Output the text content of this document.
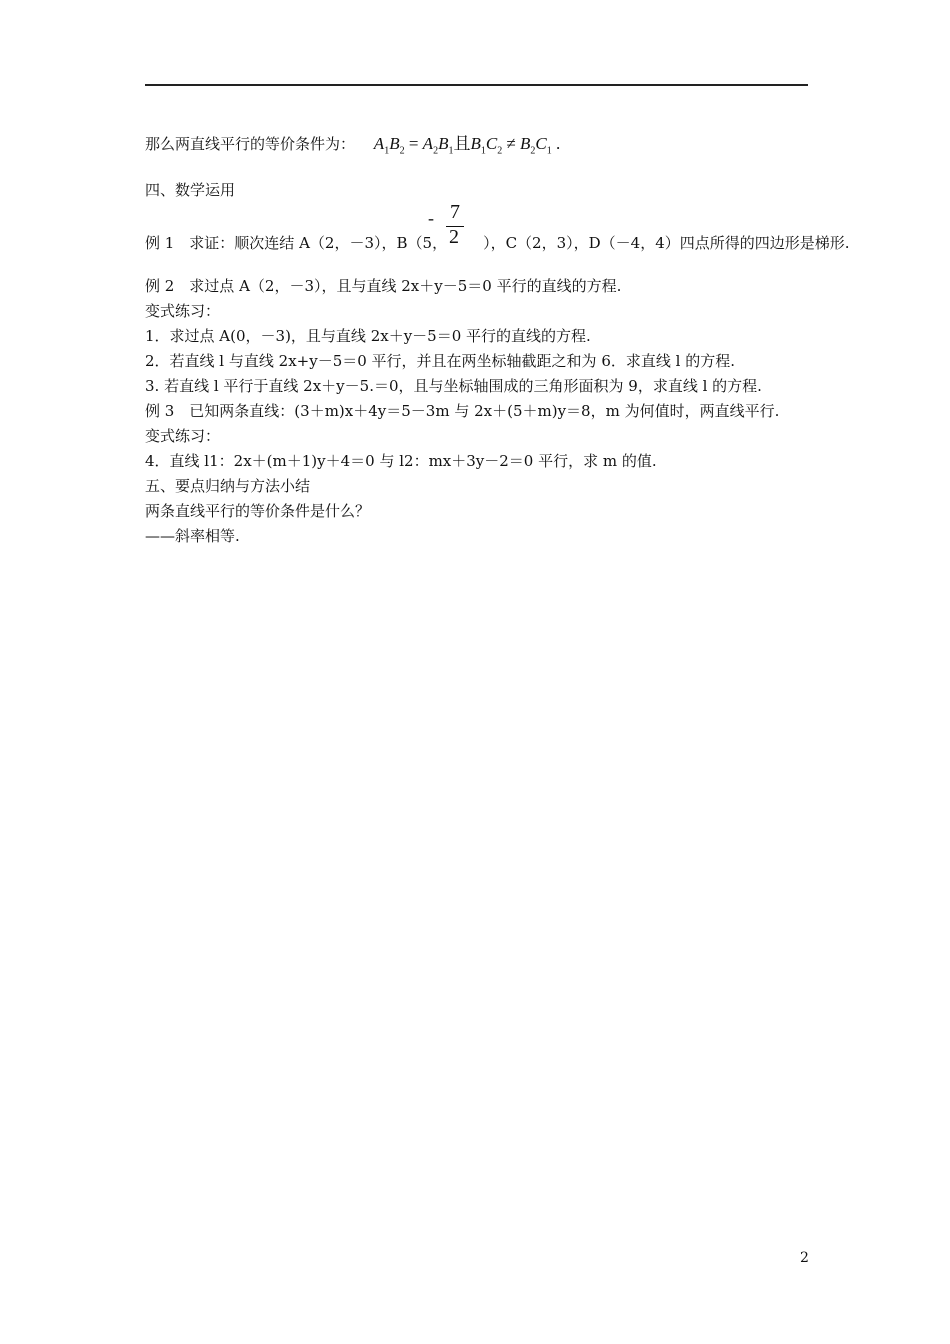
那么两直线平行的等价条件为： $A_1B_2 = A_2B_1$且$B_1C_2 \ne B_2C_1$ .
四、数学运用
- 7
2
例 1　求证：顺次连结 A（2，－3），B（5， ），C（2，3），D（－4，4）四点所得的四边形是梯形.
例 2　求过点 A（2，－3），且与直线 2x＋y－5＝0 平行的直线的方程.
变式练习：
1．求过点 A(0，－3)，且与直线 2x＋y－5＝0 平行的直线的方程.
2．若直线 l 与直线 2x+y－5＝0 平行，并且在两坐标轴截距之和为 6．求直线 l 的方程.
3. 若直线 l 平行于直线 2x＋y－5.＝0，且与坐标轴围成的三角形面积为 9，求直线 l 的方程.
例 3　已知两条直线：(3＋m)x＋4y＝5－3m 与 2x＋(5＋m)y＝8，m 为何值时，两直线平行.
变式练习：
4．直线 l1：2x＋(m＋1)y＋4＝0 与 l2：mx＋3y－2＝0 平行，求 m 的值.
五、要点归纳与方法小结
两条直线平行的等价条件是什么？
——斜率相等.
2
